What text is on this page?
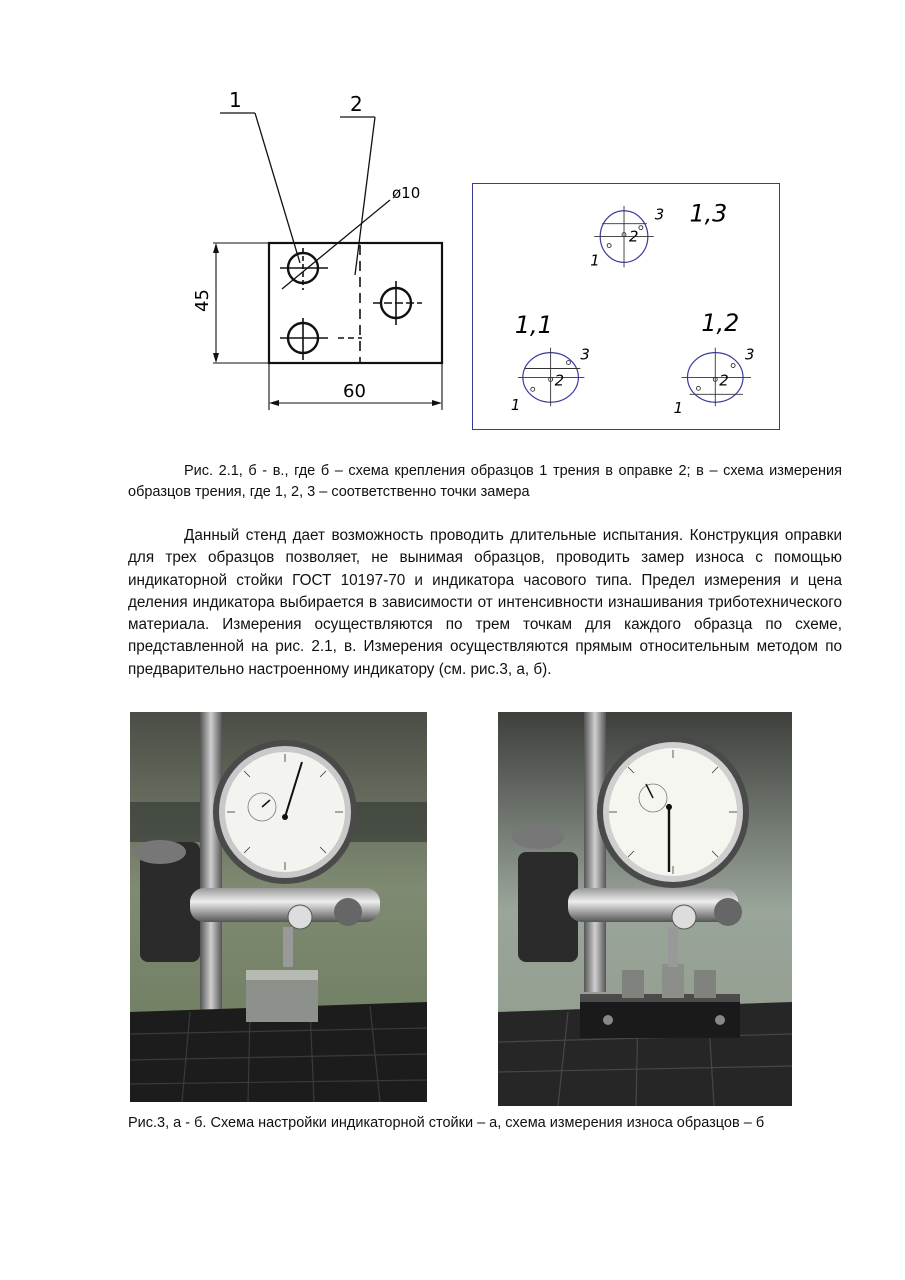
1	2
ø10
45
60
1,3
1
2
3
1,1
1
2
3
1,2
1
2
3
Рис. 2.1, б - в., где б – схема крепления образцов 1 трения в оправке 2; в – схема измерения образцов трения, где 1, 2, 3 – соответственно точки замера
Данный стенд дает возможность проводить длительные испытания. Конструкция оправки для трех образцов позволяет, не вынимая образцов, проводить замер износа с помощью индикаторной стойки ГОСТ 10197-70 и индикатора часового типа. Предел измерения и цена деления индикатора выбирается в зависимости от интенсивности изнашивания триботехнического материала. Измерения осуществляются по трем точкам для каждого образца по схеме, представленной на рис. 2.1, в. Измерения осуществляются прямым относительным методом по предварительно настроенному индикатору (см. рис.3, а, б).
Рис.3, а - б. Схема настройки индикаторной стойки – а, схема измерения износа образцов – б
